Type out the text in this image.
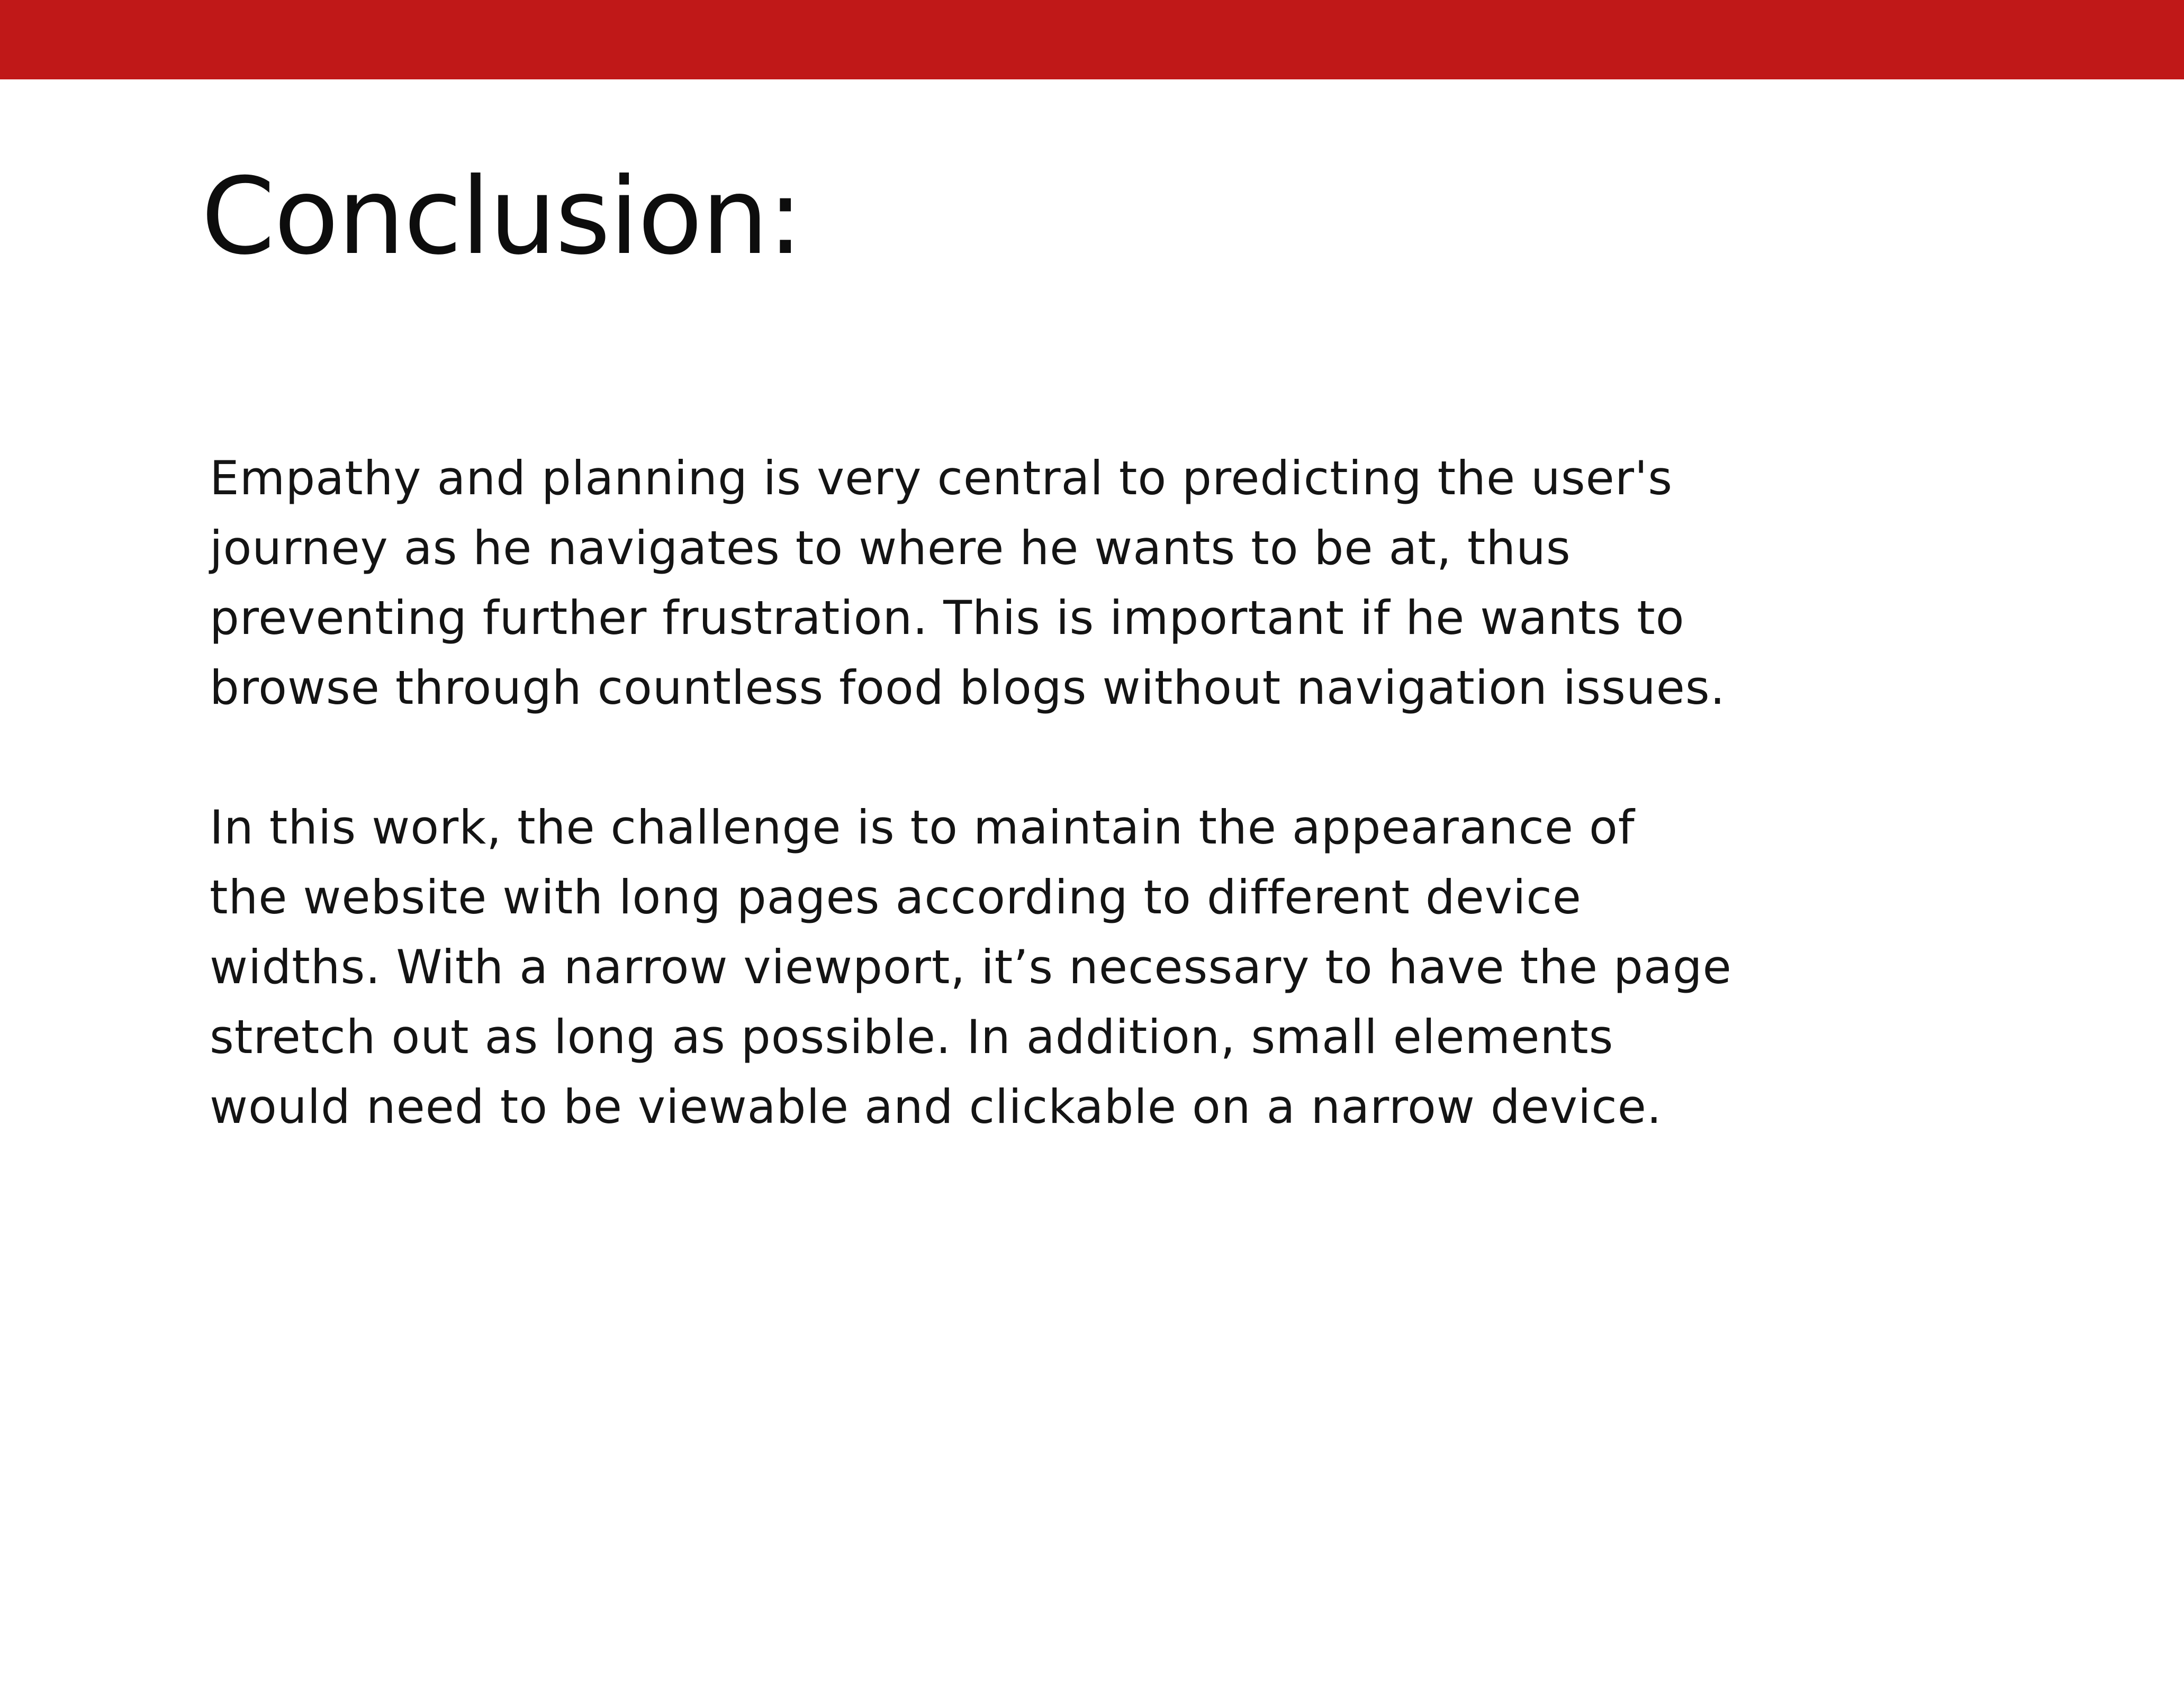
Conclusion:

Empathy and planning is very central to predicting the user's
journey as he navigates to where he wants to be at, thus
preventing further frustration. This is important if he wants to
browse through countless food blogs without navigation issues.

In this work, the challenge is to maintain the appearance of
the website with long pages according to different device
widths. With a narrow viewport, it’s necessary to have the page
stretch out as long as possible. In addition, small elements
would need to be viewable and clickable on a narrow device.
